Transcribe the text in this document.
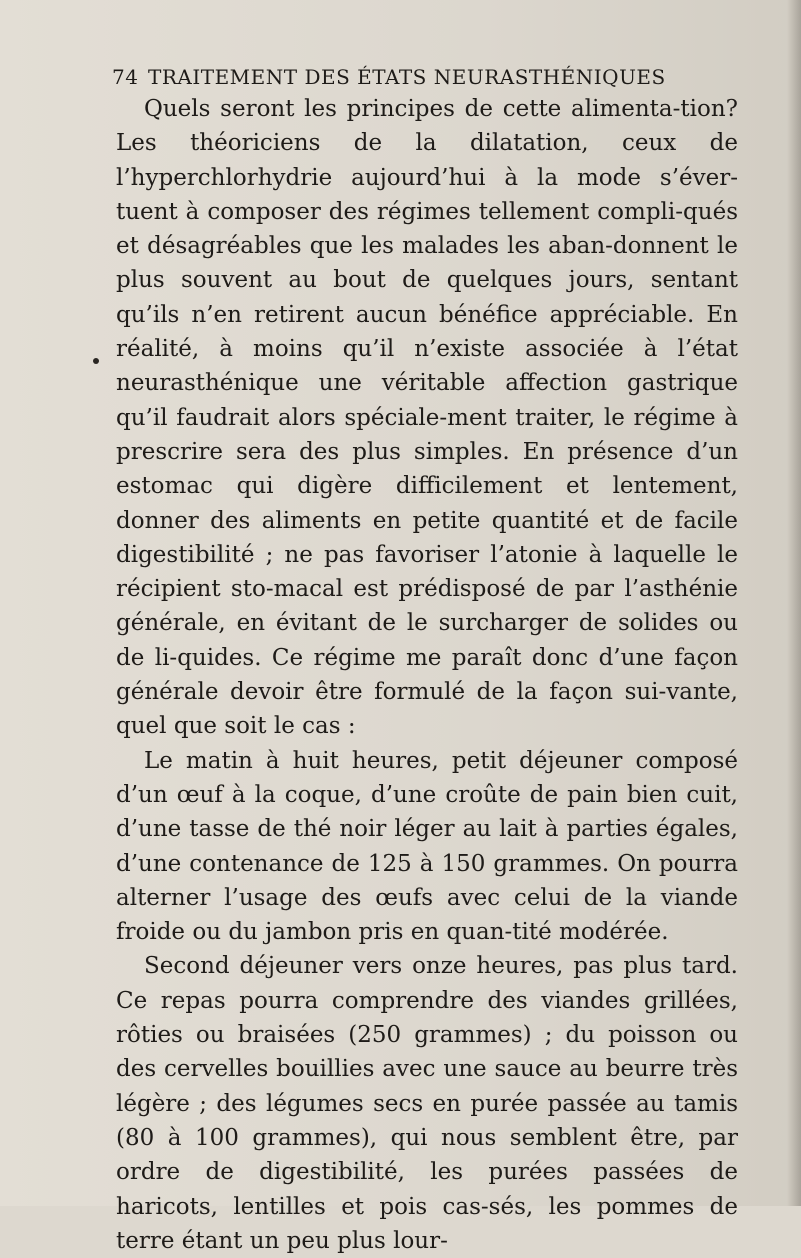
74 TRAITEMENT DES ÉTATS NEURASTHÉNIQUES

Quels seront les principes de cette alimenta-tion? Les théoriciens de la dilatation, ceux de l’hyperchlorhydrie aujourd’hui à la mode s’éver-tuent à composer des régimes tellement compli-qués et désagréables que les malades les aban-donnent le plus souvent au bout de quelques jours, sentant qu’ils n’en retirent aucun bénéfice appréciable. En réalité, à moins qu’il n’existe associée à l’état neurasthénique une véritable affection gastrique qu’il faudrait alors spéciale-ment traiter, le régime à prescrire sera des plus simples. En présence d’un estomac qui digère difficilement et lentement, donner des aliments en petite quantité et de facile digestibilité ; ne pas favoriser l’atonie à laquelle le récipient sto-macal est prédisposé de par l’asthénie générale, en évitant de le surcharger de solides ou de li-quides. Ce régime me paraît donc d’une façon générale devoir être formulé de la façon sui-vante, quel que soit le cas :

Le matin à huit heures, petit déjeuner composé d’un œuf à la coque, d’une croûte de pain bien cuit, d’une tasse de thé noir léger au lait à parties égales, d’une contenance de 125 à 150 grammes. On pourra alterner l’usage des œufs avec celui de la viande froide ou du jambon pris en quan-tité modérée.

Second déjeuner vers onze heures, pas plus tard. Ce repas pourra comprendre des viandes grillées, rôties ou braisées (250 grammes) ; du poisson ou des cervelles bouillies avec une sauce au beurre très légère ; des légumes secs en purée passée au tamis (80 à 100 grammes), qui nous semblent être, par ordre de digestibilité, les purées passées de haricots, lentilles et pois cas-sés, les pommes de terre étant un peu plus lour-
